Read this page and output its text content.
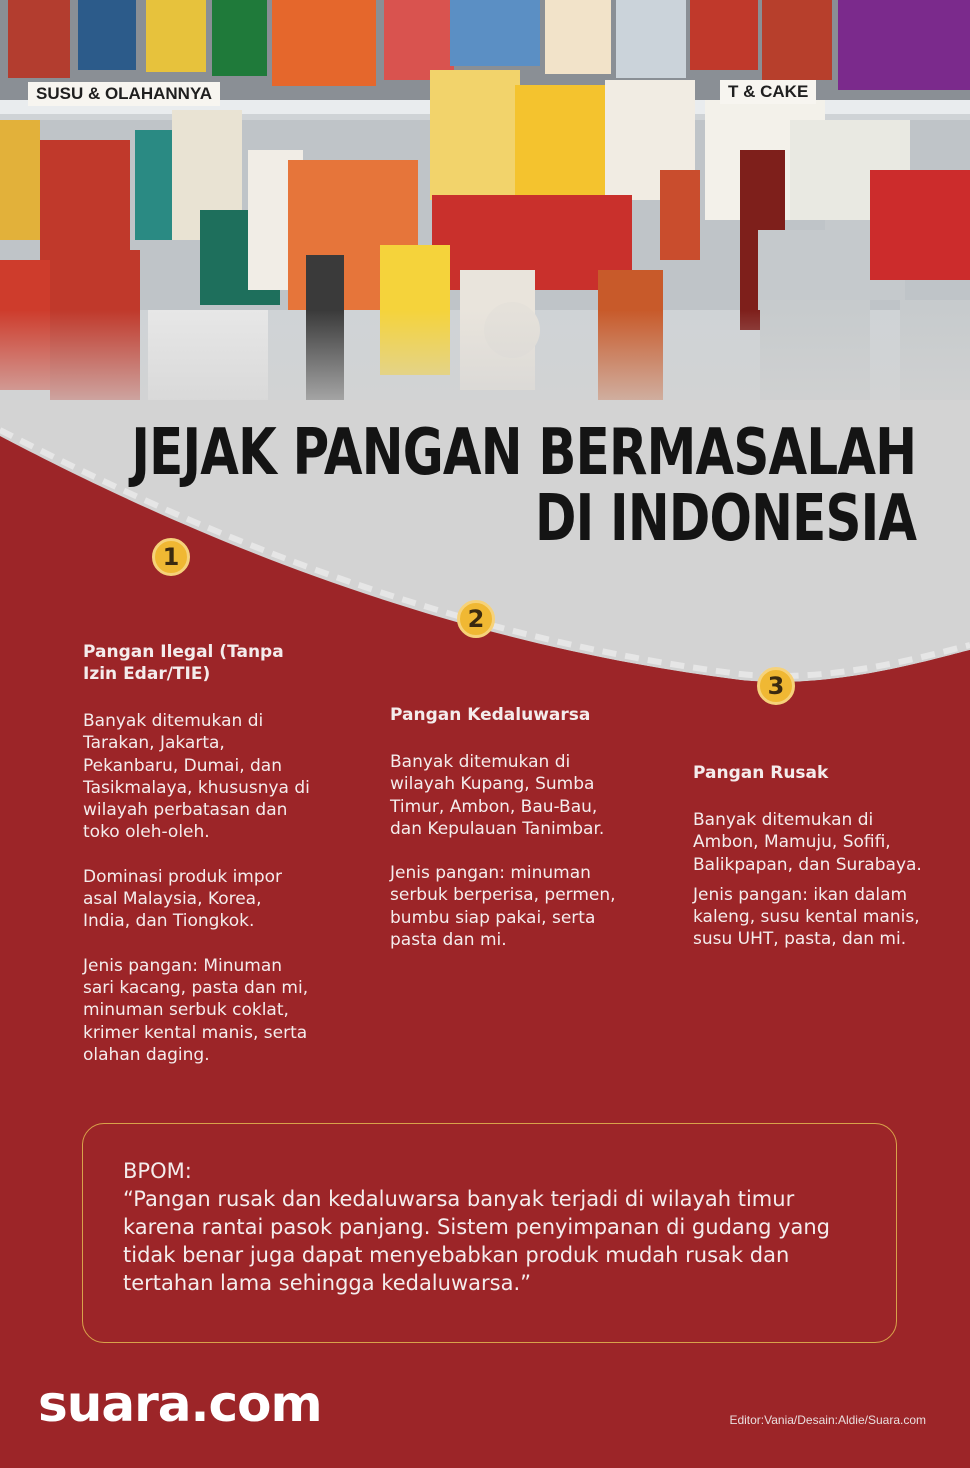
SUSU & OLAHANNYA	T & CAKE
JEJAK PANGAN BERMASALAH
DI INDONESIA
1
2
3
Pangan Ilegal (Tanpa Izin Edar/TIE)

Banyak ditemukan di Tarakan, Jakarta, Pekanbaru, Dumai, dan Tasikmalaya, khususnya di wilayah perbatasan dan toko oleh-oleh.

Dominasi produk impor asal Malaysia, Korea, India, dan Tiongkok.

Jenis pangan: Minuman sari kacang, pasta dan mi, minuman serbuk coklat, krimer kental manis, serta olahan daging.

Pangan Kedaluwarsa

Banyak ditemukan di wilayah Kupang, Sumba Timur, Ambon, Bau-Bau, dan Kepulauan Tanimbar.

Jenis pangan: minuman serbuk berperisa, permen, bumbu siap pakai, serta pasta dan mi.

Pangan Rusak

Banyak ditemukan di Ambon, Mamuju, Sofifi, Balikpapan, dan Surabaya.

Jenis pangan: ikan dalam kaleng, susu kental manis, susu UHT, pasta, dan mi.

BPOM:
“Pangan rusak dan kedaluwarsa banyak terjadi di wilayah timur karena rantai pasok panjang. Sistem penyimpanan di gudang yang tidak benar juga dapat menyebabkan produk mudah rusak dan tertahan lama sehingga kedaluwarsa.”
suara.com	Editor:Vania/Desain:Aldie/Suara.com
